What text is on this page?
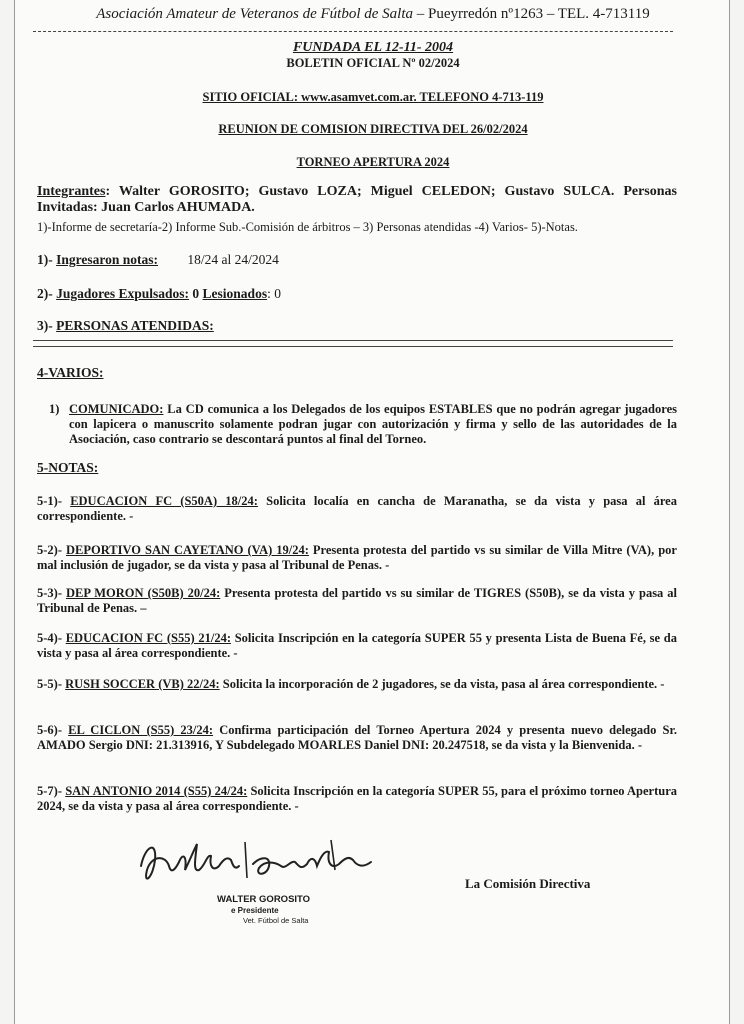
Asociación Amateur de Veteranos de Fútbol de Salta – Pueyrredón nº1263 – TEL. 4-713119
FUNDADA EL 12-11- 2004
BOLETIN OFICIAL Nº 02/2024
SITIO OFICIAL: www.asamvet.com.ar. TELEFONO 4-713-119
REUNION DE COMISION DIRECTIVA DEL 26/02/2024
TORNEO APERTURA 2024

Integrantes: Walter GOROSITO; Gustavo LOZA; Miguel CELEDON; Gustavo SULCA. Personas Invitadas: Juan Carlos AHUMADA.

1)-Informe de secretaría-2) Informe Sub.-Comisión de árbitros – 3) Personas atendidas -4) Varios- 5)-Notas.

1)- Ingresaron notas: 18/24 al 24/2024
2)- Jugadores Expulsados: 0 Lesionados: 0
3)- PERSONAS ATENDIDAS:
4-VARIOS:
1) COMUNICADO: La CD comunica a los Delegados de los equipos ESTABLES que no podrán agregar jugadores con lapicera o manuscrito solamente podran jugar con autorización y firma y sello de las autoridades de la Asociación, caso contrario se descontará puntos al final del Torneo.

5-NOTAS:

5-1)- EDUCACION FC (S50A) 18/24: Solicita localía en cancha de Maranatha, se da vista y pasa al área correspondiente. -

5-2)- DEPORTIVO SAN CAYETANO (VA) 19/24: Presenta protesta del partido vs su similar de Villa Mitre (VA), por mal inclusión de jugador, se da vista y pasa al Tribunal de Penas. -

5-3)- DEP MORON (S50B) 20/24: Presenta protesta del partido vs su similar de TIGRES (S50B), se da vista y pasa al Tribunal de Penas. –

5-4)- EDUCACION FC (S55) 21/24: Solicita Inscripción en la categoría SUPER 55 y presenta Lista de Buena Fé, se da vista y pasa al área correspondiente. -

5-5)- RUSH SOCCER (VB) 22/24: Solicita la incorporación de 2 jugadores, se da vista, pasa al área correspondiente. -

5-6)- EL CICLON (S55) 23/24: Confirma participación del Torneo Apertura 2024 y presenta nuevo delegado Sr. AMADO Sergio DNI: 21.313916, Y Subdelegado MOARLES Daniel DNI: 20.247518, se da vista y la Bienvenida. -

5-7)- SAN ANTONIO 2014 (S55) 24/24: Solicita Inscripción en la categoría SUPER 55, para el próximo torneo Apertura 2024, se da vista y pasa al área correspondiente. -

WALTER GOROSITO
e Presidente
Vet. Fútbol de Salta
La Comisión Directiva
